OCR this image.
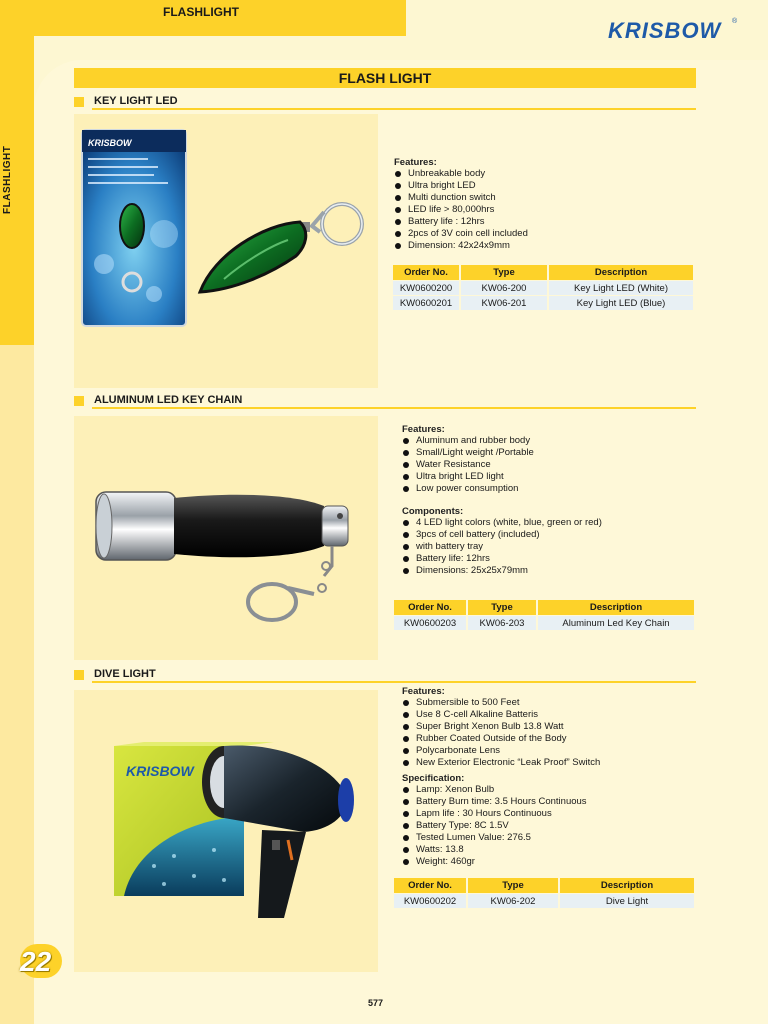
FLASHLIGHT
FLASHLIGHT
KRISBOW ®
FLASH LIGHT
KEY LIGHT LED
KRISBOW
Features:
Unbreakable body
Ultra bright LED
Multi dunction switch
LED life > 80,000hrs
Battery life : 12hrs
2pcs of 3V coin cell included
Dimension: 42x24x9mm
Order No.	Type	Description
KW0600200	KW06-200	Key Light LED (White)
KW0600201	KW06-201	Key Light LED (Blue)
ALUMINUM LED KEY CHAIN
Features:
Aluminum and rubber body
Small/Light weight /Portable
Water Resistance
Ultra bright LED light
Low power consumption
Components:
4 LED light colors (white, blue, green or red)
3pcs of cell battery (included)
with battery tray
Battery life: 12hrs
Dimensions: 25x25x79mm
Order No.	Type	Description
KW0600203	KW06-203	Aluminum Led Key Chain
DIVE LIGHT
KRISBOW
Features:
Submersible to 500 Feet
Use 8 C-cell Alkaline Batteris
Super Bright Xenon Bulb 13.8 Watt
Rubber Coated Outside of the Body
Polycarbonate Lens
New Exterior Electronic “Leak Proof” Switch
Specification:
Lamp: Xenon Bulb
Battery Burn time: 3.5 Hours Continuous
Lapm life : 30 Hours Continuous
Battery Type: 8C 1.5V
Tested Lumen Value: 276.5
Watts: 13.8
Weight: 460gr
Order No.	Type	Description
KW0600202	KW06-202	Dive Light
22
577
